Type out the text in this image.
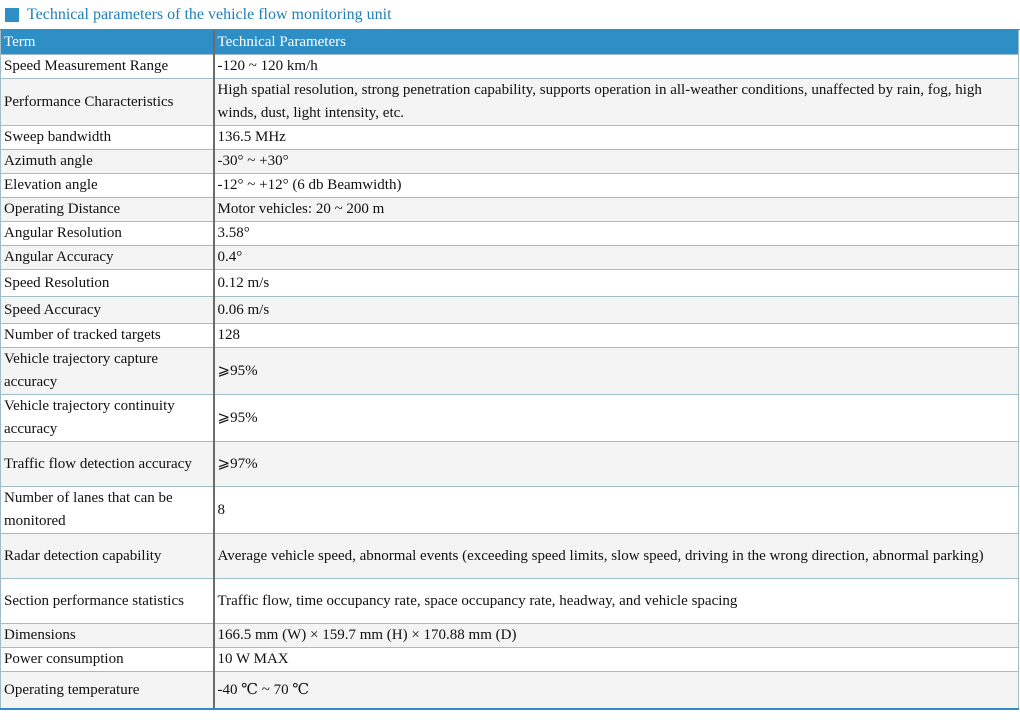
Technical parameters of the vehicle flow monitoring unit
Term	Technical Parameters
Speed Measurement Range	-120 ~ 120 km/h
Performance Characteristics	High spatial resolution, strong penetration capability, supports operation in all-weather conditions, unaffected by rain, fog, high winds, dust, light intensity, etc.
Sweep bandwidth	136.5 MHz
Azimuth angle	-30° ~ +30°
Elevation angle	-12° ~ +12° (6 db Beamwidth)
Operating Distance	Motor vehicles: 20 ~ 200 m
Angular Resolution	3.58°
Angular Accuracy	0.4°
Speed Resolution	0.12 m/s
Speed Accuracy	0.06 m/s
Number of tracked targets	128
Vehicle trajectory capture accuracy	⩾95%
Vehicle trajectory continuity accuracy	⩾95%
Traffic flow detection accuracy	⩾97%
Number of lanes that can be monitored	8
Radar detection capability	Average vehicle speed, abnormal events (exceeding speed limits, slow speed, driving in the wrong direction, abnormal parking)
Section performance statistics	Traffic flow, time occupancy rate, space occupancy rate, headway, and vehicle spacing
Dimensions	166.5 mm (W) × 159.7 mm (H) × 170.88 mm (D)
Power consumption	10 W MAX
Operating temperature	-40 ℃ ~ 70 ℃
